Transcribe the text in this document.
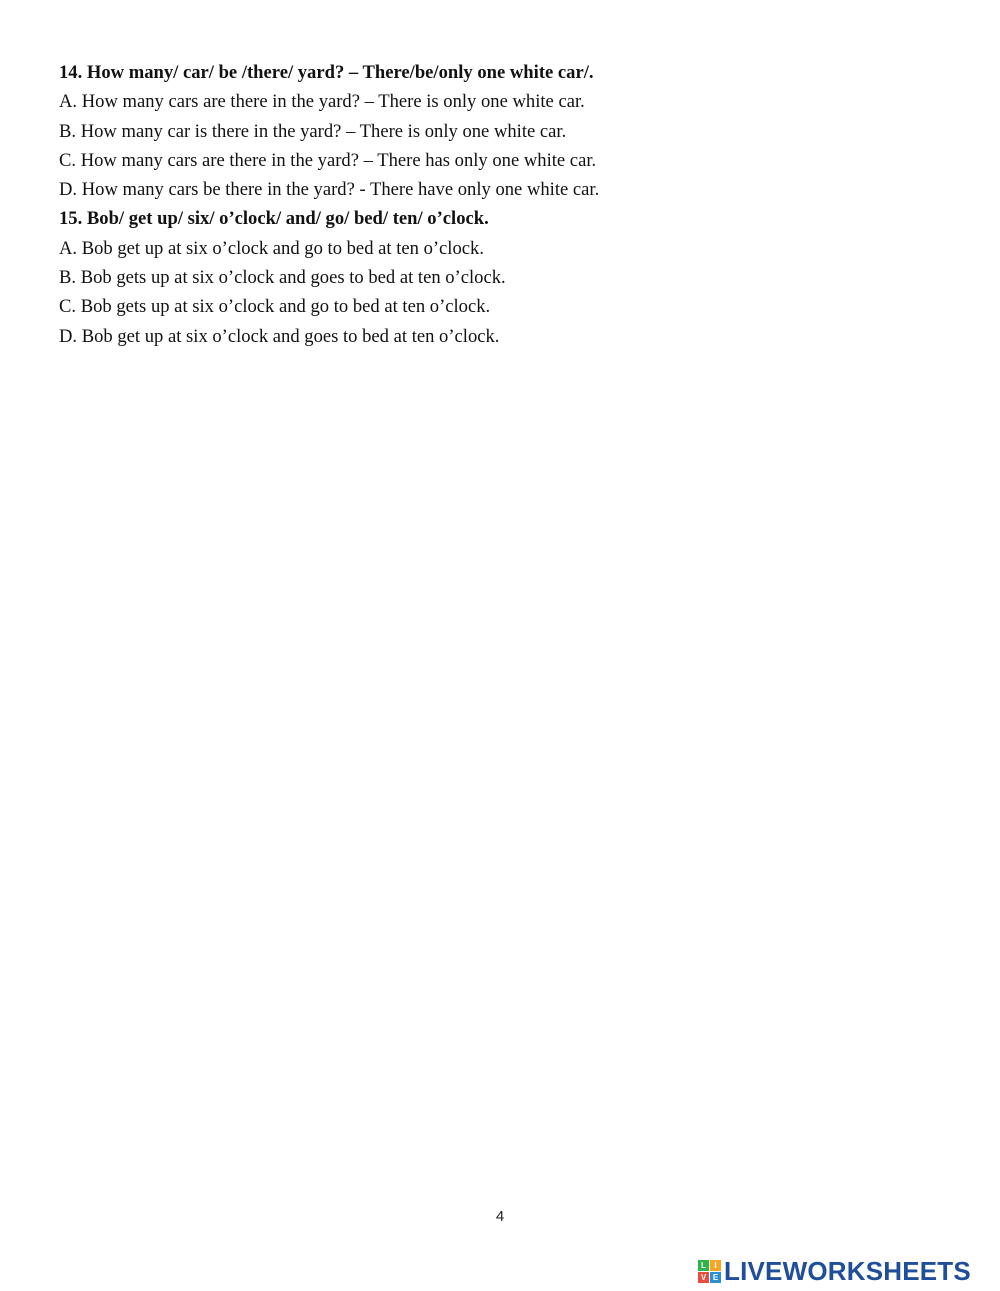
14. How many/ car/ be /there/ yard? – There/be/only one white car/.
A. How many cars are there in the yard? – There is only one white car.
B. How many car is there in the yard? – There is only one white car.
C. How many cars are there in the yard? – There has only one white car.
D. How many cars be there in the yard? - There have only one white car.
15. Bob/ get up/ six/ o’clock/ and/ go/ bed/ ten/ o’clock.
A. Bob get up at six o’clock and go to bed at ten o’clock.
B. Bob gets up at six o’clock and goes to bed at ten o’clock.
C. Bob gets up at six o’clock and go to bed at ten o’clock.
D. Bob get up at six o’clock and goes to bed at ten o’clock.
4
L	I
V E LIVEWORKSHEETS
